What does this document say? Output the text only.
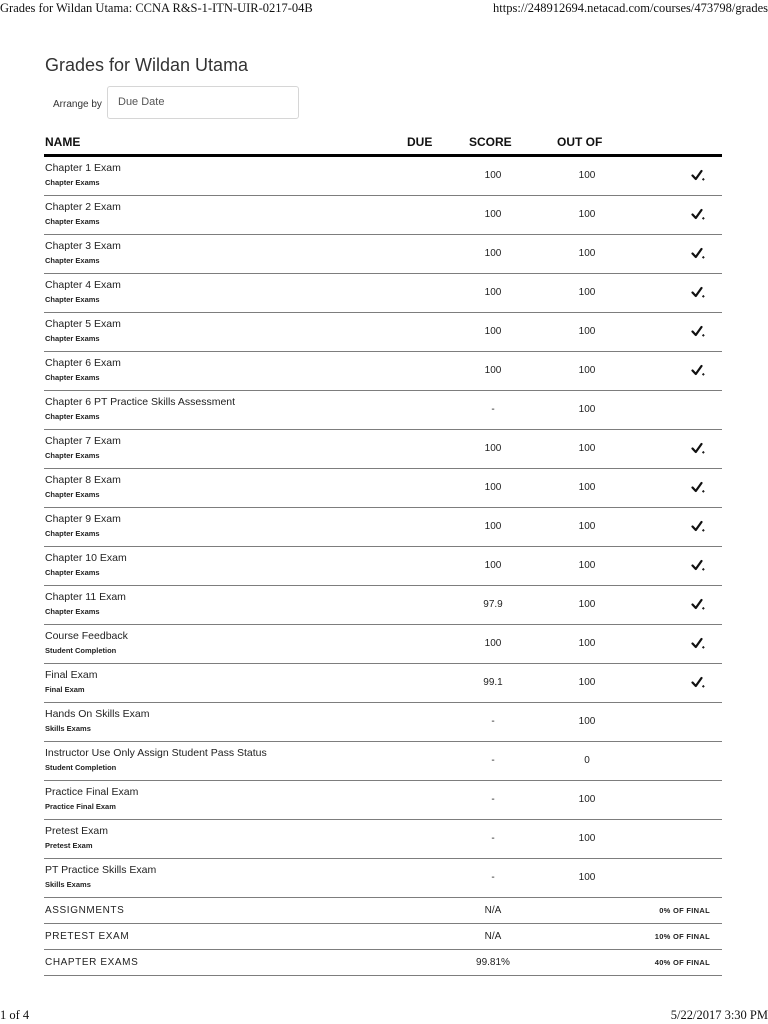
Grades for Wildan Utama: CCNA R&S-1-ITN-UIR-0217-04B	https://248912694.netacad.com/courses/473798/grades
Grades for Wildan Utama
Arrange by Due Date
NAME	DUE	SCORE	OUT OF
Chapter 1 Exam
Chapter Exams
100	100
Chapter 2 Exam
Chapter Exams
100	100
Chapter 3 Exam
Chapter Exams
100	100
Chapter 4 Exam
Chapter Exams
100	100
Chapter 5 Exam
Chapter Exams
100	100
Chapter 6 Exam
Chapter Exams
100	100
Chapter 6 PT Practice Skills Assessment
Chapter Exams
-	100
Chapter 7 Exam
Chapter Exams
100	100
Chapter 8 Exam
Chapter Exams
100	100
Chapter 9 Exam
Chapter Exams
100	100
Chapter 10 Exam
Chapter Exams
100	100
Chapter 11 Exam
Chapter Exams
97.9	100
Course Feedback
Student Completion
100	100
Final Exam
Final Exam
99.1	100
Hands On Skills Exam
Skills Exams
-	100
Instructor Use Only Assign Student Pass Status
Student Completion
-	0
Practice Final Exam
Practice Final Exam
-	100
Pretest Exam
Pretest Exam
-	100
PT Practice Skills Exam
Skills Exams
-	100
ASSIGNMENTS	N/A	0% OF FINAL
PRETEST EXAM	N/A	10% OF FINAL
CHAPTER EXAMS	99.81%	40% OF FINAL
1 of 4	5/22/2017 3:30 PM
